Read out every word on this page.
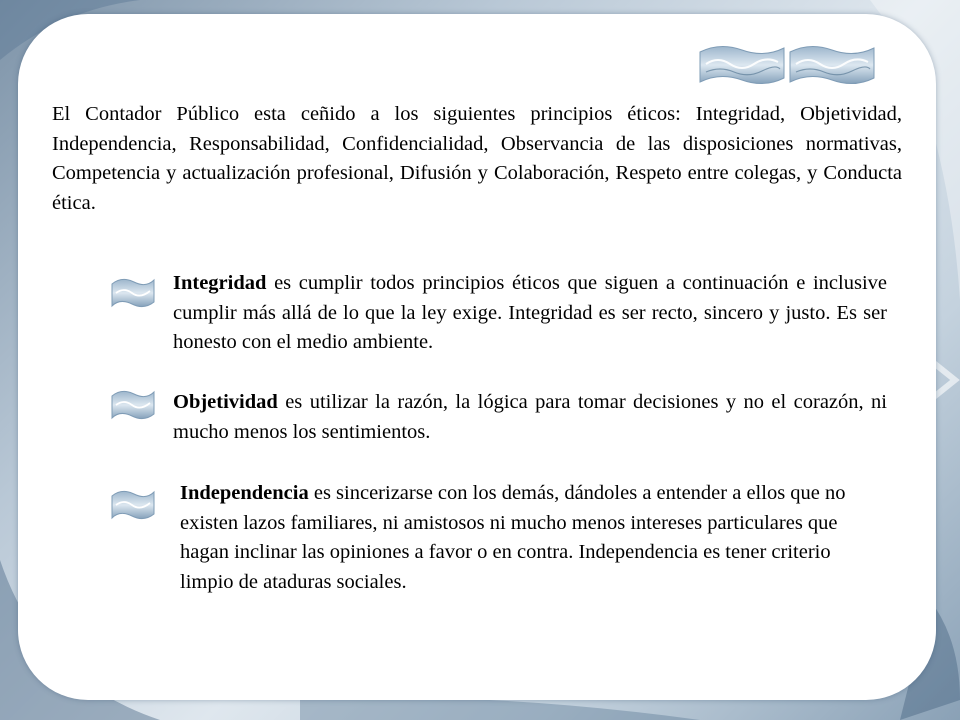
El Contador Público esta ceñido a los siguientes principios éticos: Integridad, Objetividad, Independencia, Responsabilidad, Confidencialidad, Observancia de las disposiciones normativas, Competencia y actualización profesional, Difusión y Colaboración, Respeto entre colegas, y Conducta ética.

Integridad es cumplir todos principios éticos que siguen a continuación e inclusive cumplir más allá de lo que la ley exige. Integridad es ser recto, sincero y justo. Es ser honesto con el medio ambiente.

Objetividad es utilizar la razón, la lógica para tomar decisiones y no el corazón, ni mucho menos los sentimientos.

Independencia es sincerizarse con los demás, dándoles a entender a ellos que no existen lazos familiares, ni amistosos ni mucho menos intereses particulares que hagan inclinar las opiniones a favor o en contra. Independencia es tener criterio limpio de ataduras sociales.
